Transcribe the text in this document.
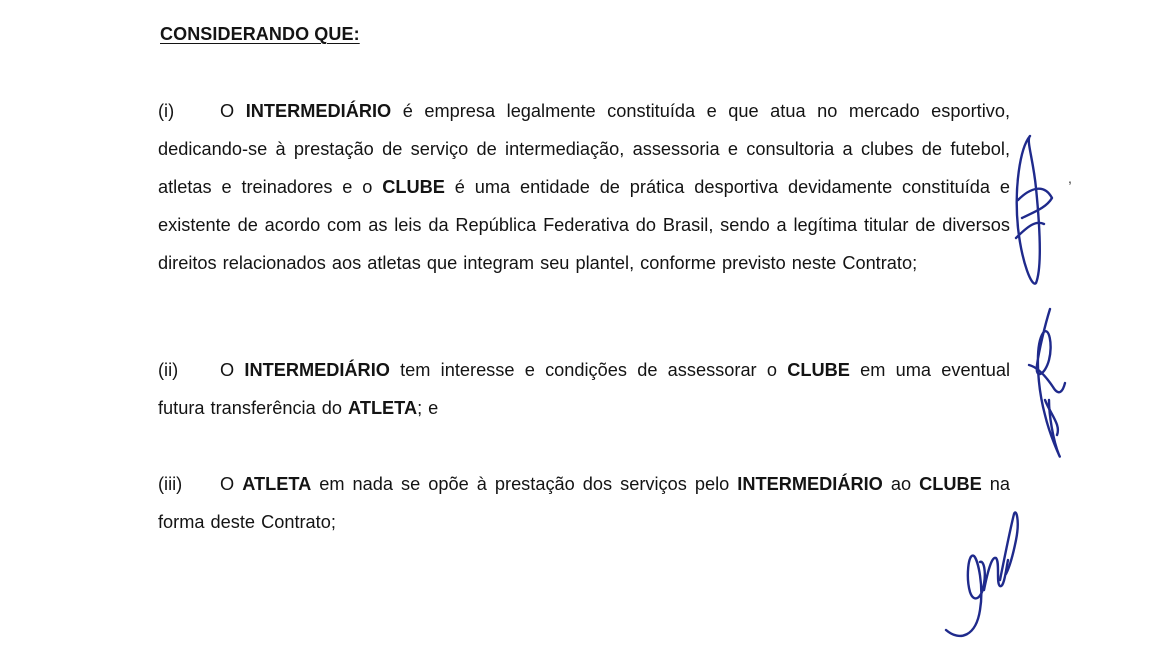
CONSIDERANDO QUE:

(i)	O INTERMEDIÁRIO é empresa legalmente constituída e que atua no mercado esportivo, dedicando-se à prestação de serviço de intermediação, assessoria e consultoria a clubes de futebol, atletas e treinadores e o CLUBE é uma entidade de prática desportiva devidamente constituída e existente de acordo com as leis da República Federativa do Brasil, sendo a legítima titular de diversos direitos relacionados aos atletas que integram seu plantel, conforme previsto neste Contrato;

(ii) O INTERMEDIÁRIO tem interesse e condições de assessorar o CLUBE em uma eventual futura transferência do ATLETA; e

(iii) O ATLETA em nada se opõe à prestação dos serviços pelo INTERMEDIÁRIO ao CLUBE na forma deste Contrato;

,
